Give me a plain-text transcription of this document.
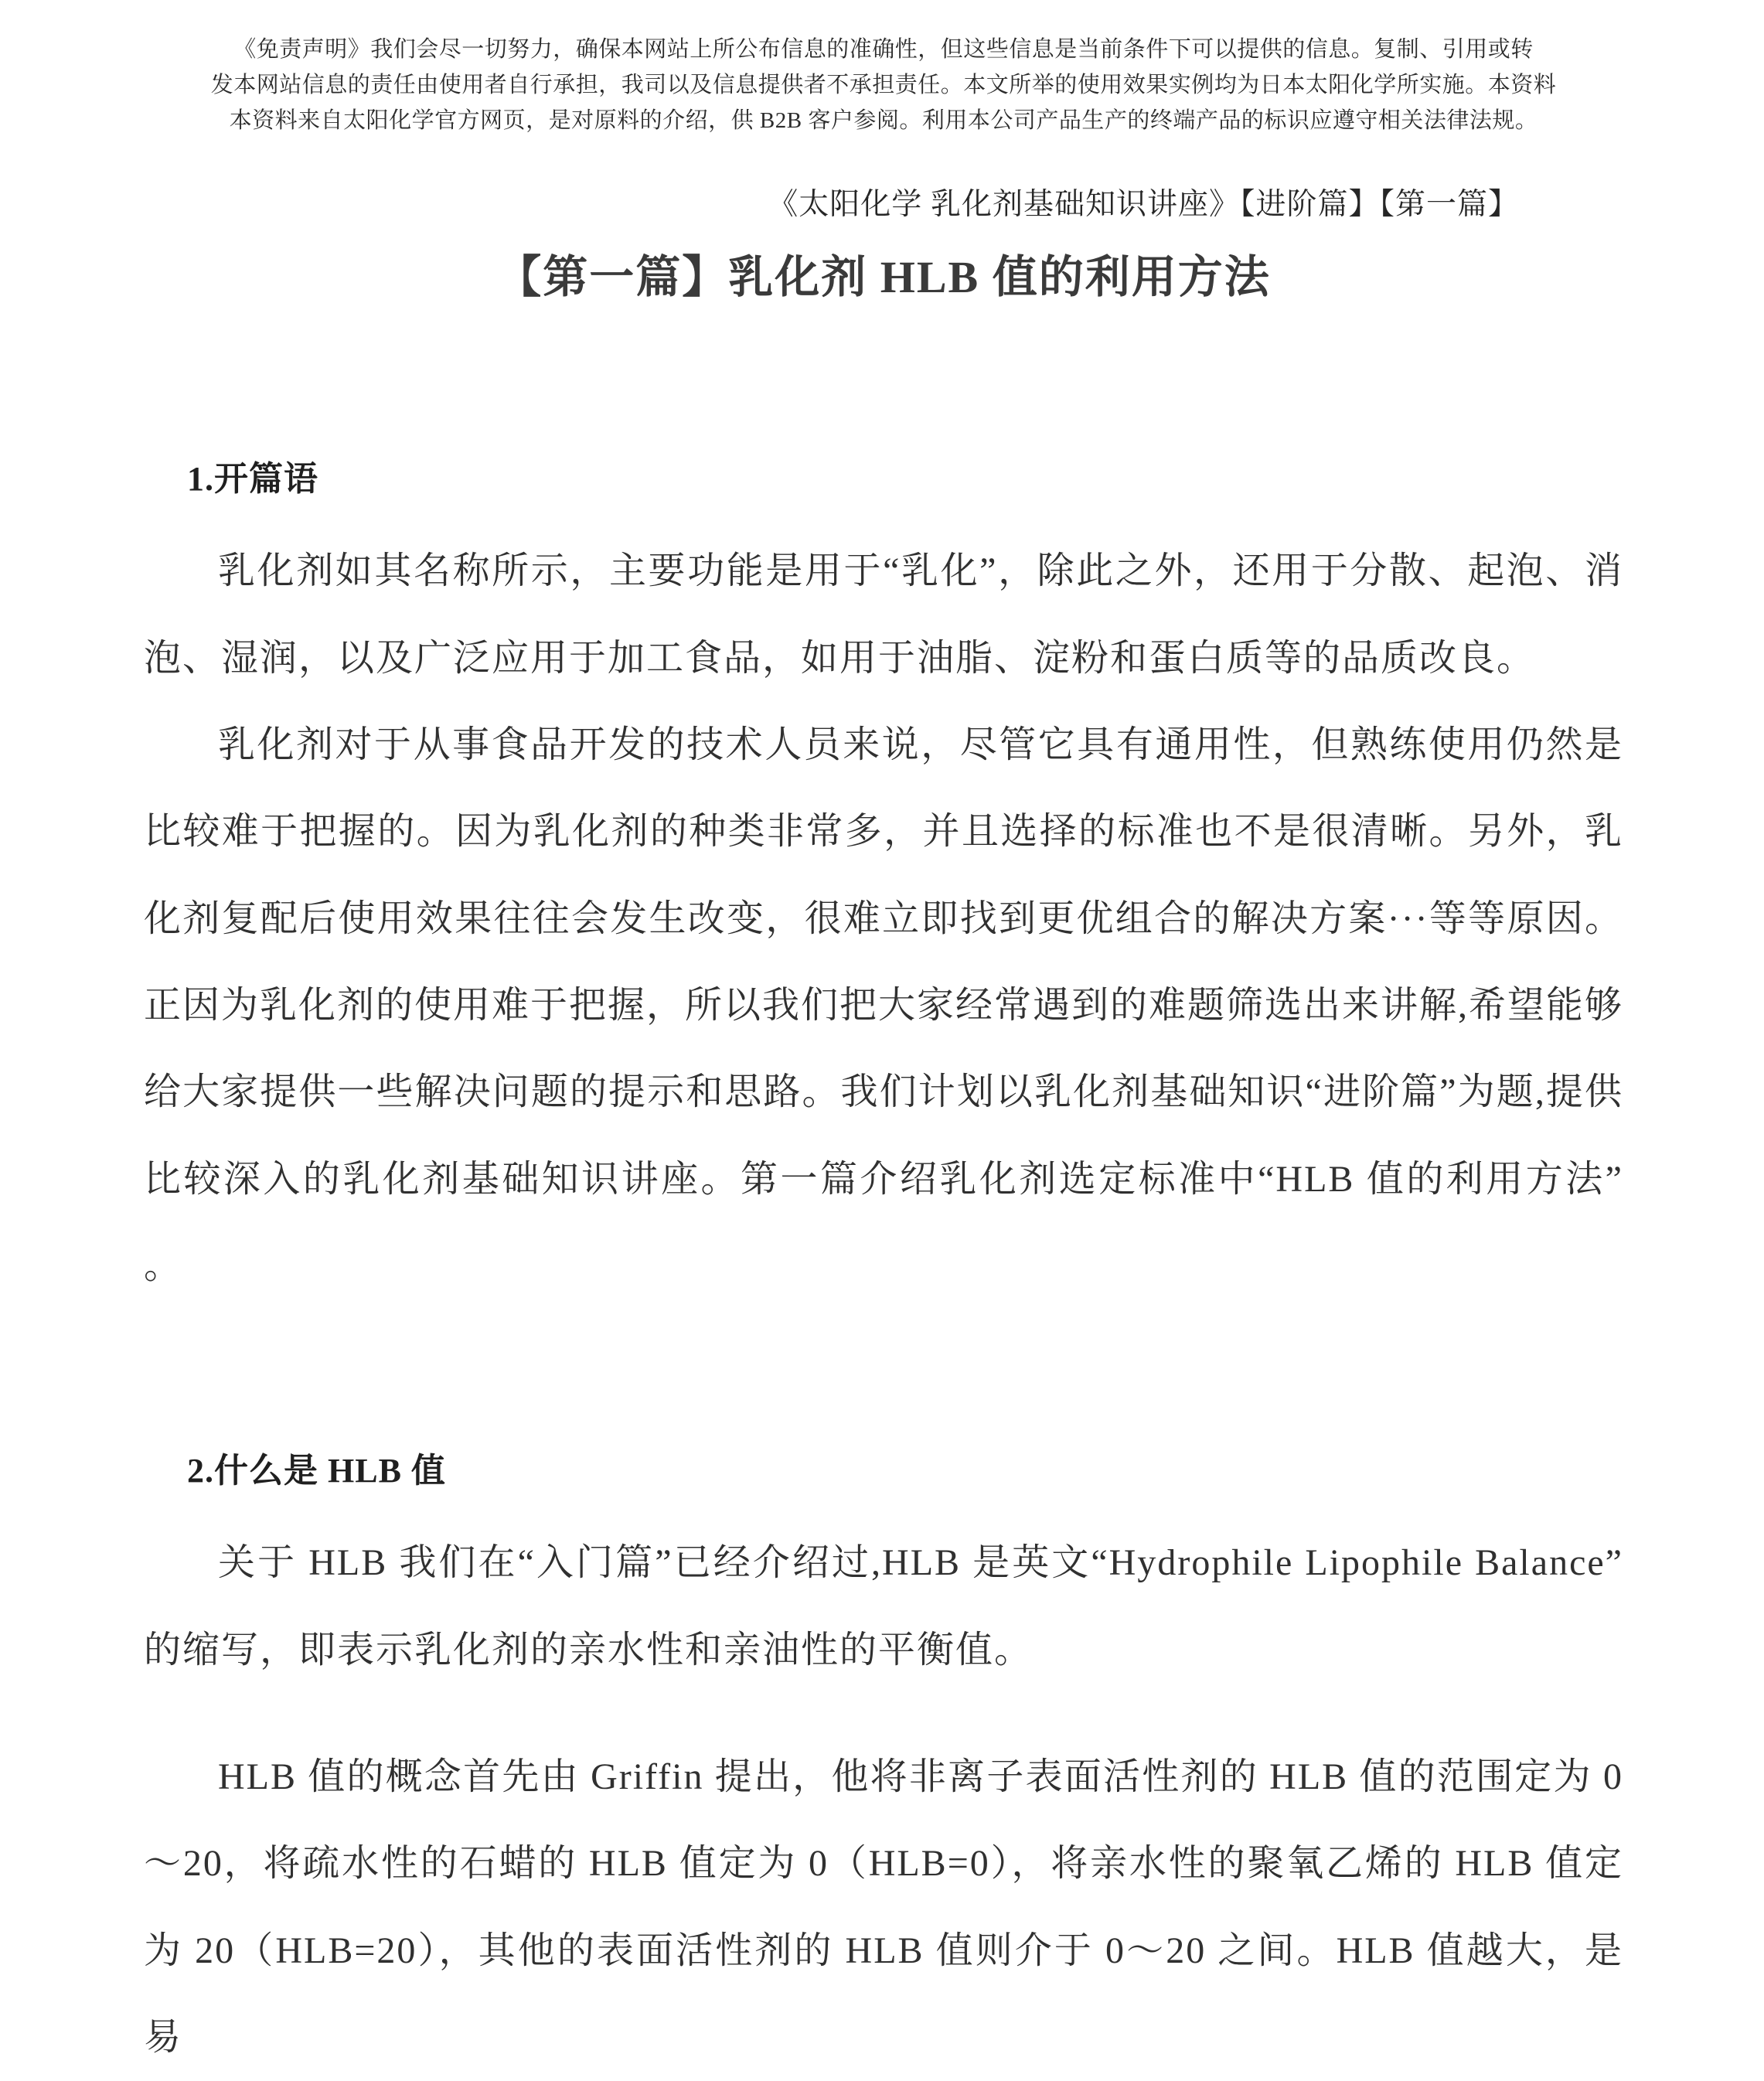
《免责声明》我们会尽一切努力，确保本网站上所公布信息的准确性，但这些信息是当前条件下可以提供的信息。复制、引用或转
发本网站信息的责任由使用者自行承担，我司以及信息提供者不承担责任。本文所举的使用效果实例均为日本太阳化学所实施。本资料
本资料来自太阳化学官方网页，是对原料的介绍，供 B2B 客户参阅。利用本公司产品生产的终端产品的标识应遵守相关法律法规。
《太阳化学 乳化剂基础知识讲座》【进阶篇】【第一篇】
【第一篇】乳化剂 HLB 值的利用方法
1.开篇语

乳化剂如其名称所示，主要功能是用于“乳化”，除此之外，还用于分散、起泡、消泡、湿润，以及广泛应用于加工食品，如用于油脂、淀粉和蛋白质等的品质改良。

乳化剂对于从事食品开发的技术人员来说，尽管它具有通用性，但熟练使用仍然是比较难于把握的。因为乳化剂的种类非常多，并且选择的标准也不是很清晰。另外，乳化剂复配后使用效果往往会发生改变，很难立即找到更优组合的解决方案···等等原因。正因为乳化剂的使用难于把握，所以我们把大家经常遇到的难题筛选出来讲解,希望能够给大家提供一些解决问题的提示和思路。我们计划以乳化剂基础知识“进阶篇”为题,提供比较深入的乳化剂基础知识讲座。第一篇介绍乳化剂选定标准中“HLB 值的利用方法” 。

2.什么是 HLB 值

关于 HLB 我们在“入门篇”已经介绍过,HLB 是英文“Hydrophile Lipophile Balance”的缩写，即表示乳化剂的亲水性和亲油性的平衡值。

HLB 值的概念首先由 Griffin 提出，他将非离子表面活性剂的 HLB 值的范围定为 0～20，将疏水性的石蜡的 HLB 值定为 0（HLB=0），将亲水性的聚氧乙烯的 HLB 值定为 20（HLB=20），其他的表面活性剂的 HLB 值则介于 0～20 之间。HLB 值越大，是易
